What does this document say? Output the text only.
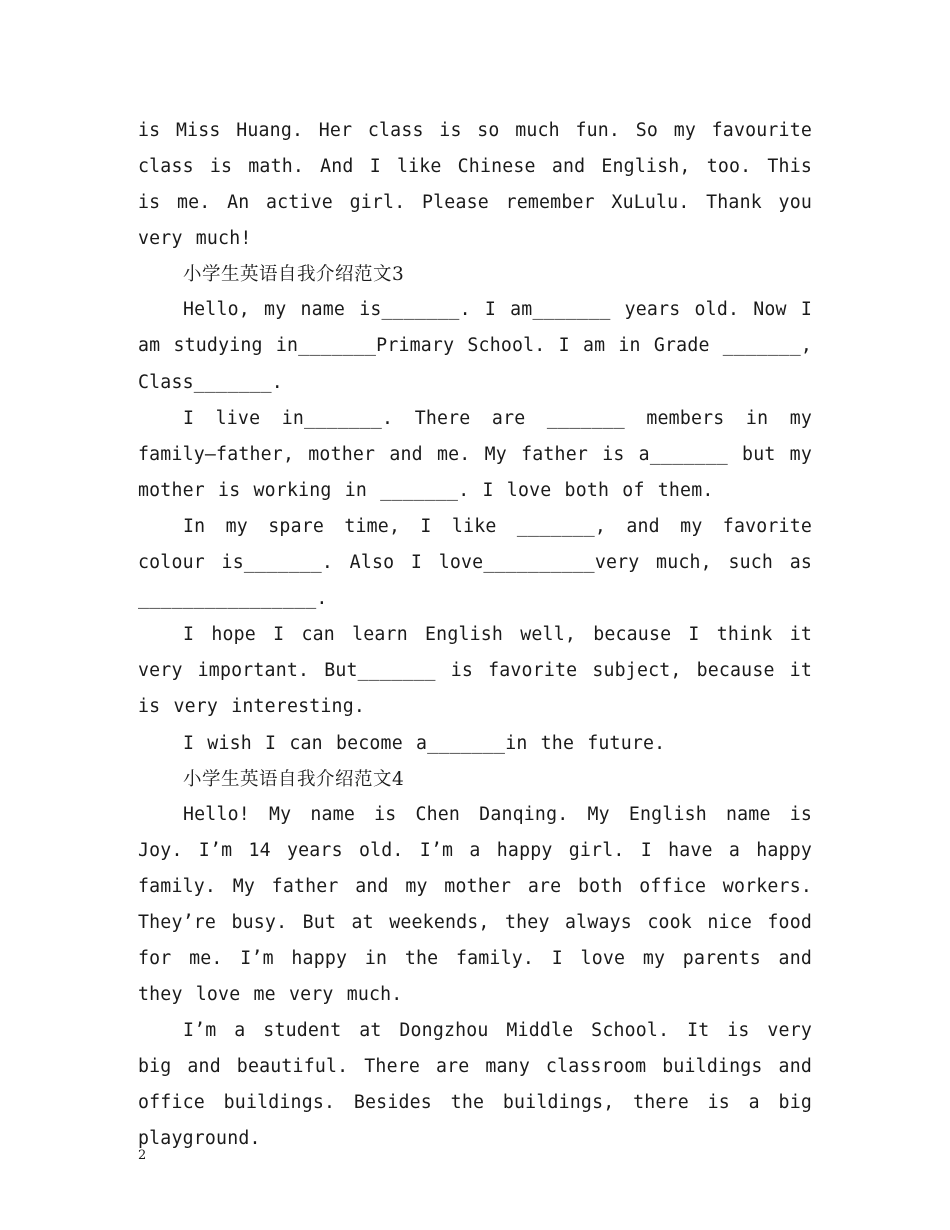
is Miss Huang. Her class is so much fun. So my favourite class is math. And I like Chinese and English, too. This is me. An active girl. Please remember XuLulu. Thank you very much!

小学生英语自我介绍范文3

Hello, my name is_______. I am_______ years old. Now I am studying in_______Primary School. I am in Grade _______, Class_______.

I live in_______. There are _______ members in my family—father, mother and me. My father is a_______ but my mother is working in _______. I love both of them.

In my spare time, I like _______, and my favorite colour is_______. Also I love__________very much, such as ________________.

I hope I can learn English well, because I think it very important. But_______ is favorite subject, because it is very interesting.

I wish I can become a_______in the future.

小学生英语自我介绍范文4

Hello! My name is Chen Danqing. My English name is Joy. I’m 14 years old. I’m a happy girl. I have a happy family. My father and my mother are both office workers. They’re busy. But at weekends, they always cook nice food for me. I’m happy in the family. I love my parents and they love me very much.

I’m a student at Dongzhou Middle School. It is very big and beautiful. There are many classroom buildings and office buildings. Besides the buildings, there is a big playground.

2
